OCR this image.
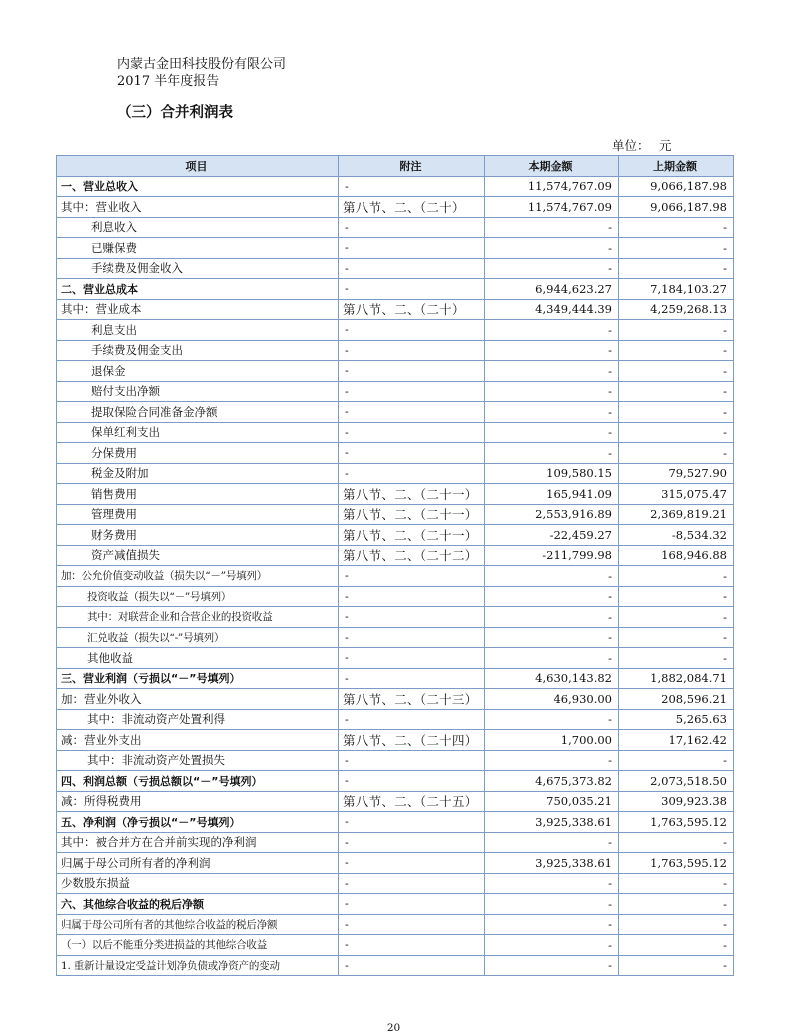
内蒙古金田科技股份有限公司
2017 半年度报告
（三）合并利润表
单位： 元
项目	附注	本期金额	上期金额
一、营业总收入	-	11,574,767.09	9,066,187.98
其中：营业收入	第八节、二、（二十）	11,574,767.09	9,066,187.98
利息收入	-	-	-
已赚保费	-	-	-
手续费及佣金收入	-	-	-
二、营业总成本	-	6,944,623.27	7,184,103.27
其中：营业成本	第八节、二、（二十）	4,349,444.39	4,259,268.13
利息支出	-	-	-
手续费及佣金支出	-	-	-
退保金	-	-	-
赔付支出净额	-	-	-
提取保险合同准备金净额	-	-	-
保单红利支出	-	-	-
分保费用	-	-	-
税金及附加	-	109,580.15	79,527.90
销售费用	第八节、二、（二十一）	165,941.09	315,075.47
管理费用	第八节、二、（二十一）	2,553,916.89	2,369,819.21
财务费用	第八节、二、（二十一）	-22,459.27	-8,534.32
资产减值损失	第八节、二、（二十二）	-211,799.98	168,946.88
加：公允价值变动收益（损失以“－”号填列）	-	-	-
投资收益（损失以“－”号填列）	-	-	-
其中：对联营企业和合营企业的投资收益	-	-	-
汇兑收益（损失以“-”号填列）	-	-	-
其他收益	-	-	-
三、营业利润（亏损以“－”号填列）	-	4,630,143.82	1,882,084.71
加：营业外收入	第八节、二、（二十三）	46,930.00	208,596.21
其中：非流动资产处置利得	-	-	5,265.63
减：营业外支出	第八节、二、（二十四）	1,700.00	17,162.42
其中：非流动资产处置损失	-	-	-
四、利润总额（亏损总额以“－”号填列）	-	4,675,373.82	2,073,518.50
减：所得税费用	第八节、二、（二十五）	750,035.21	309,923.38
五、净利润（净亏损以“－”号填列）	-	3,925,338.61	1,763,595.12
其中：被合并方在合并前实现的净利润	-	-	-
归属于母公司所有者的净利润	-	3,925,338.61	1,763,595.12
少数股东损益	-	-	-
六、其他综合收益的税后净额	-	-	-
归属于母公司所有者的其他综合收益的税后净额	-	-	-
（一）以后不能重分类进损益的其他综合收益	-	-	-
1. 重新计量设定受益计划净负债或净资产的变动	-	-	-
20
